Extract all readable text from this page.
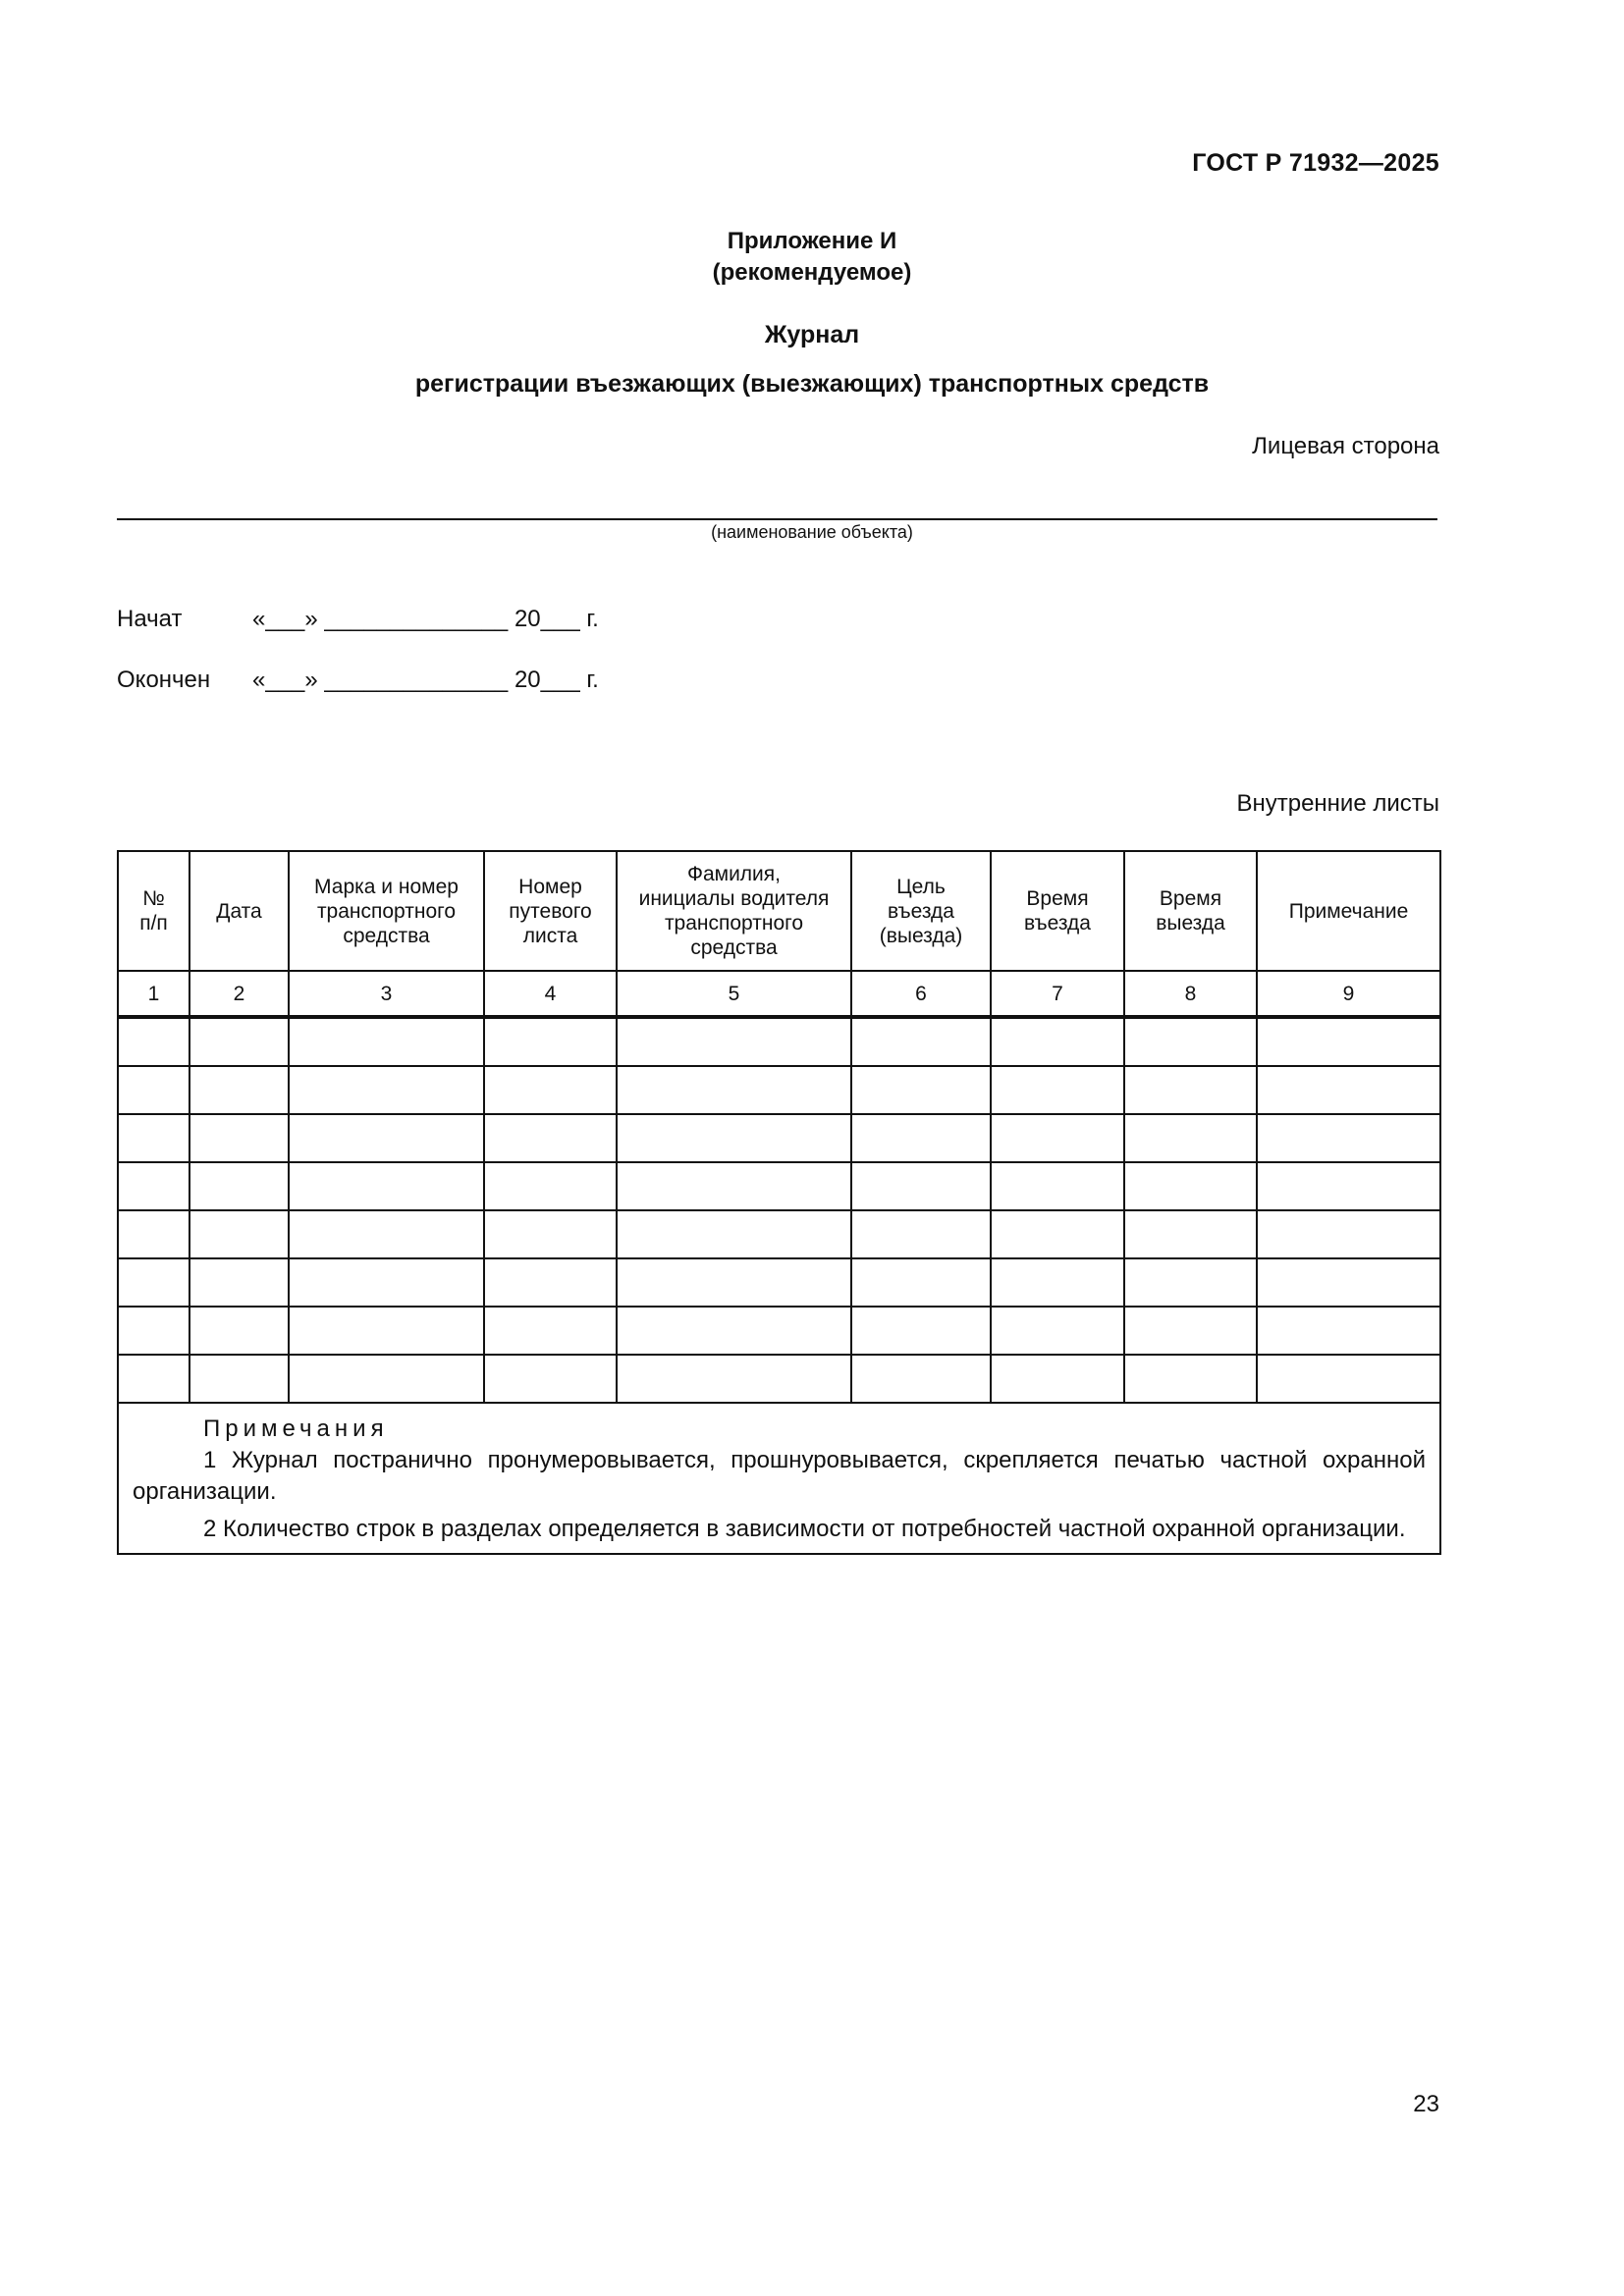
ГОСТ Р 71932—2025
Приложение И
(рекомендуемое)
Журнал
регистрации въезжающих (выезжающих) транспортных средств
Лицевая сторона
(наименование объекта)
Начат	«___» ______________ 20___ г.
Окончен «___» ______________ 20___ г.
Внутренние листы
№
п/п	Дата	Марка и номер
транспортного
средства	Номер
путевого
листа	Фамилия,
инициалы водителя
транспортного
средства	Цель
въезда
(выезда)	Время
въезда	Время
выезда	Примечание
1	2	3	4	5	6	7	8	9

Примечания
1 Журнал постранично пронумеровывается, прошнуровывается, скрепляется печатью частной охранной организации.
2 Количество строк в разделах определяется в зависимости от потребностей частной охранной организации.								
23
